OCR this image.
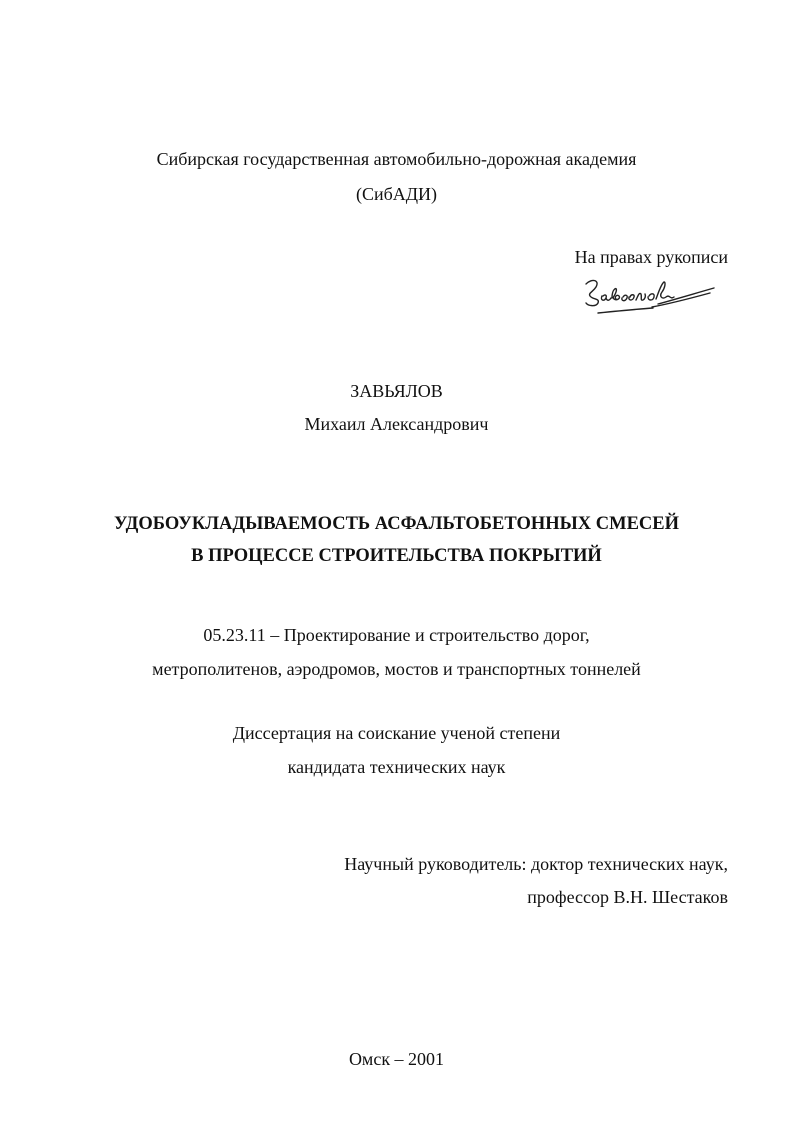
Сибирская государственная автомобильно-дорожная академия
(СибАДИ)
На правах рукописи
Завьялов
ЗАВЬЯЛОВ
Михаил Александрович
УДОБОУКЛАДЫВАЕМОСТЬ АСФАЛЬТОБЕТОННЫХ СМЕСЕЙ
В ПРОЦЕССЕ СТРОИТЕЛЬСТВА ПОКРЫТИЙ
05.23.11 – Проектирование и строительство дорог,
метрополитенов, аэродромов, мостов и транспортных тоннелей
Диссертация на соискание ученой степени
кандидата технических наук
Научный руководитель: доктор технических наук,
профессор В.Н. Шестаков
Омск – 2001
